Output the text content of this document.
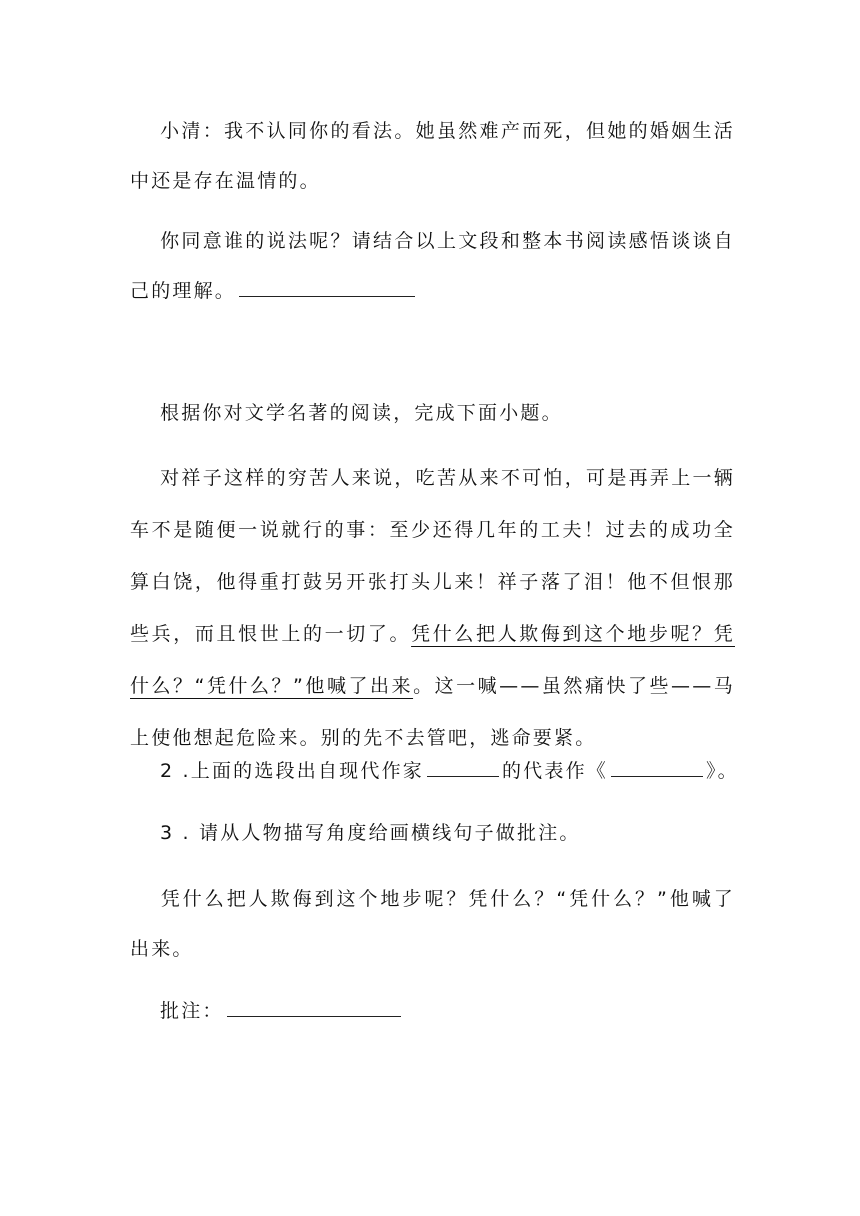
小清：我不认同你的看法。她虽然难产而死，但她的婚姻生活中还是存在温情的。
你同意谁的说法呢？请结合以上文段和整本书阅读感悟谈谈自己的理解。
根据你对文学名著的阅读，完成下面小题。
对祥子这样的穷苦人来说，吃苦从来不可怕，可是再弄上一辆车不是随便一说就行的事：至少还得几年的工夫！过去的成功全算白饶，他得重打鼓另开张打头儿来！祥子落了泪！他不但恨那些兵，而且恨世上的一切了。凭什么把人欺侮到这个地步呢？凭什么？“凭什么？”他喊了出来。这一喊——虽然痛快了些——马上使他想起危险来。别的先不去管吧，逃命要紧。
2 .上面的选段出自现代作家	的代表作《	》。
3 . 请从人物描写角度给画横线句子做批注。
凭什么把人欺侮到这个地步呢？凭什么？“凭什么？”他喊了出来。
批注：
